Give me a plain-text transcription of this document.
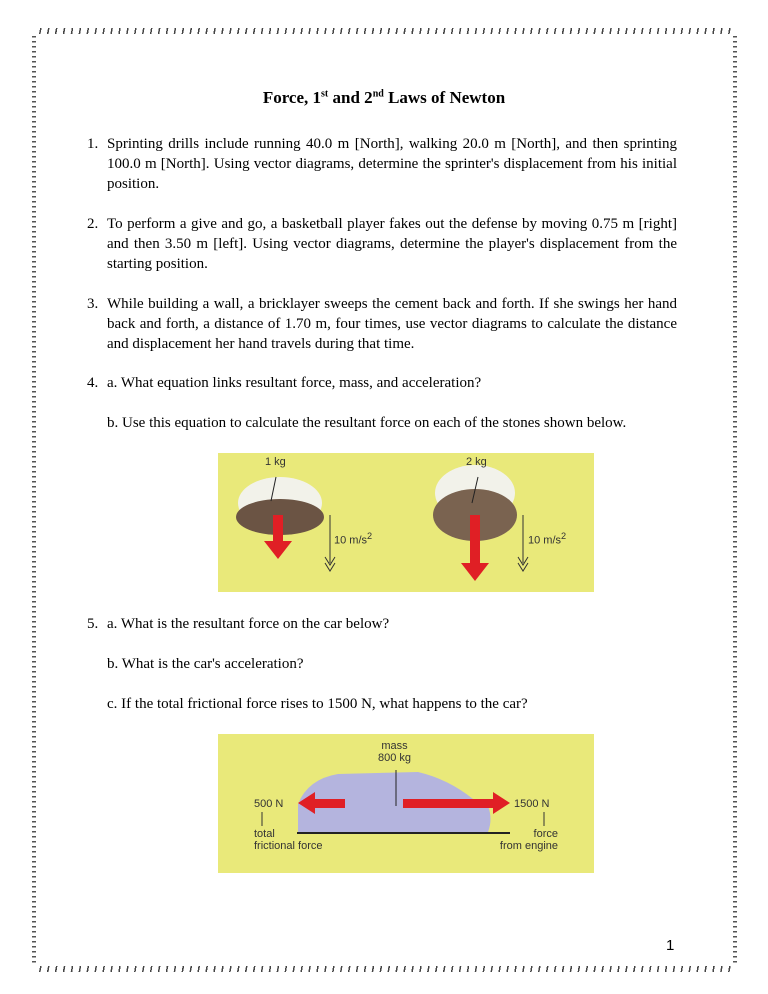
Force, 1st and 2nd Laws of Newton
1. Sprinting drills include running 40.0 m [North], walking 20.0 m [North], and then sprinting 100.0 m [North]. Using vector diagrams, determine the sprinter's displacement from his initial position.
2. To perform a give and go, a basketball player fakes out the defense by moving 0.75 m [right] and then 3.50 m [left]. Using vector diagrams, determine the player's displacement from the starting position.
3. While building a wall, a bricklayer sweeps the cement back and forth. If she swings her hand back and forth, a distance of 1.70 m, four times, use vector diagrams to calculate the distance and displacement her hand travels during that time.
4. a. What equation links resultant force, mass, and acceleration?
b. Use this equation to calculate the resultant force on each of the stones shown below.
1 kg	2 kg
10 $m/s^2$	10 $m/s^2$
5. a. What is the resultant force on the car below?
b. What is the car's acceleration?
c. If the total frictional force rises to 1500 N, what happens to the car?
mass
800 kg
500 N
total
frictional force
1500 N
force
from engine
1
